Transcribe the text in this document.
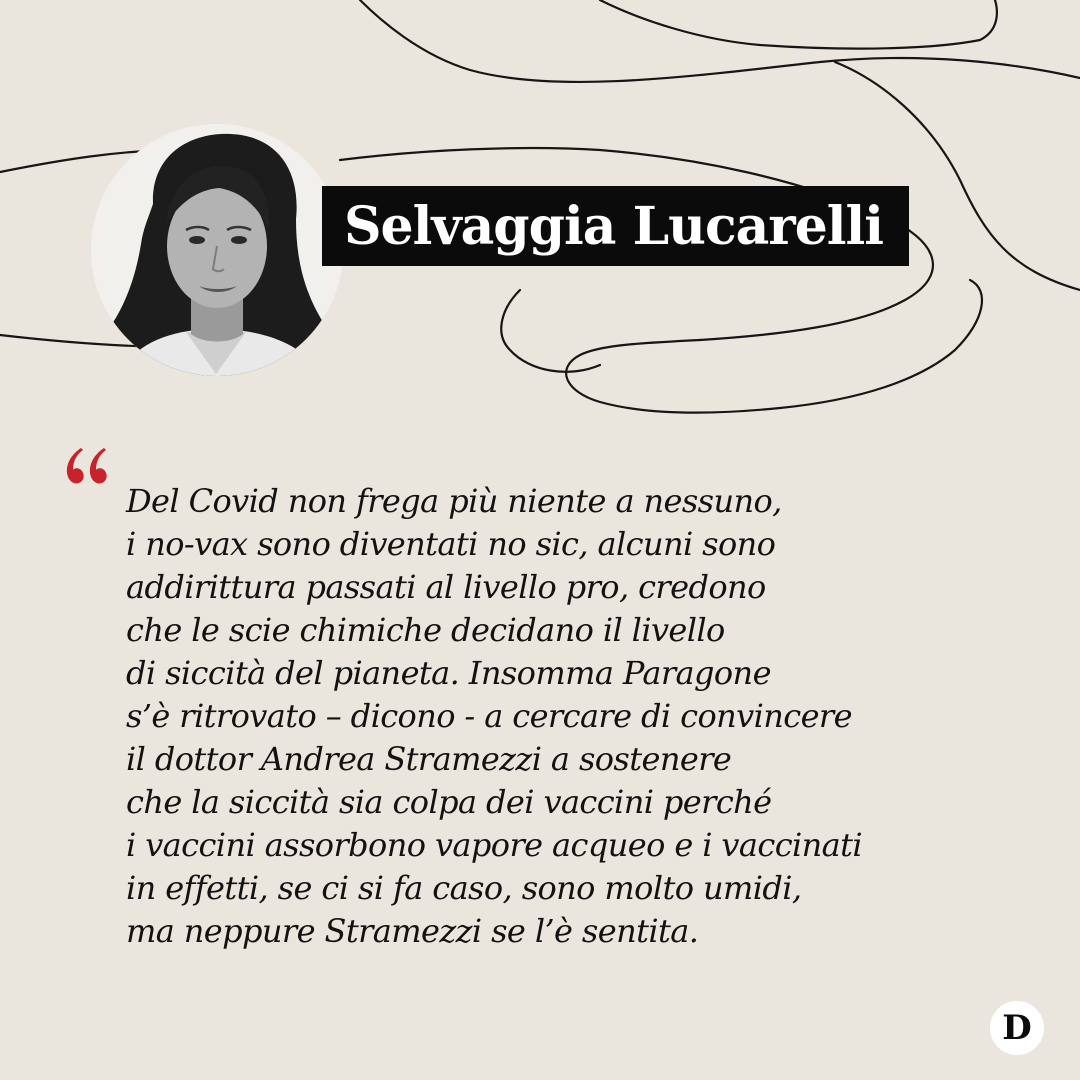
Selvaggia Lucarelli

Del Covid non frega più niente a nessuno,
i no-vax sono diventati no sic, alcuni sono
addirittura passati al livello pro, credono
che le scie chimiche decidano il livello
di siccità del pianeta. Insomma Paragone
s’è ritrovato – dicono - a cercare di convincere
il dottor Andrea Stramezzi a sostenere
che la siccità sia colpa dei vaccini perché
i vaccini assorbono vapore acqueo e i vaccinati
in effetti, se ci si fa caso, sono molto umidi,
ma neppure Stramezzi se l’è sentita.

D
